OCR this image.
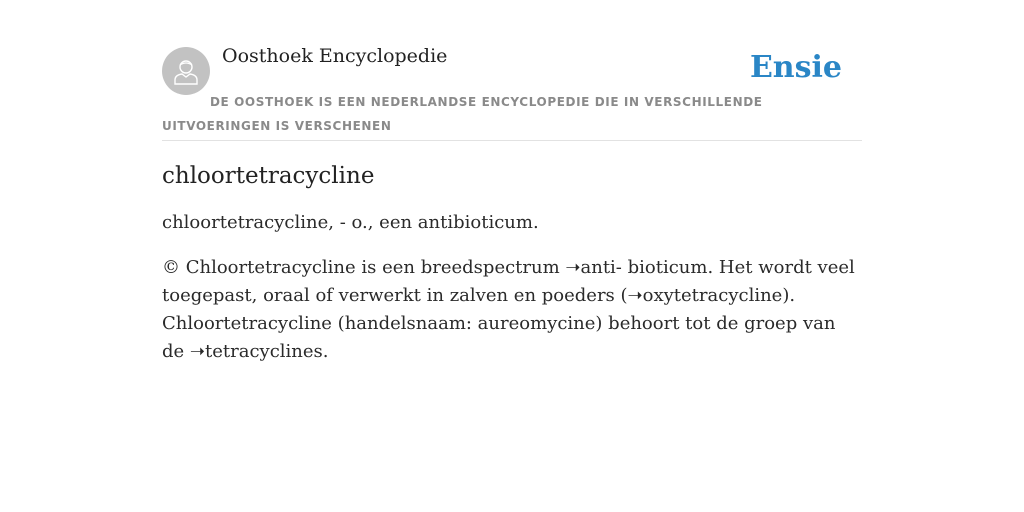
Oosthoek Encyclopedie	Ensie
DE OOSTHOEK IS EEN NEDERLANDSE ENCYCLOPEDIE DIE IN VERSCHILLENDE UITVOERINGEN IS VERSCHENEN
chloortetracycline

chloortetracycline, - o., een antibioticum.

© Chloortetracycline is een breedspectrum ➝anti- bioticum. Het wordt veel toegepast, oraal of verwerkt in zalven en poeders (➝oxytetracycline). Chloortetracycline (handelsnaam: aureomycine) behoort tot de groep van de ➝tetracyclines.
